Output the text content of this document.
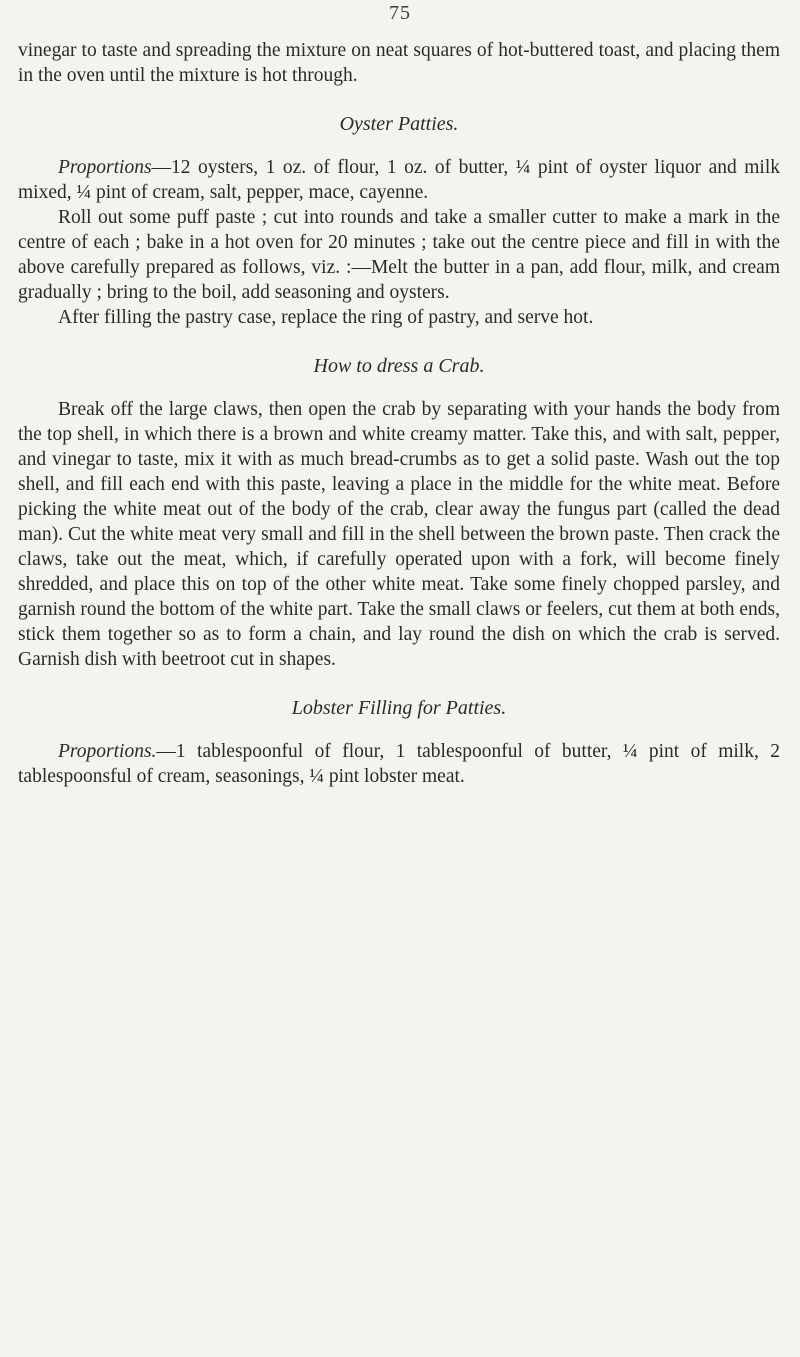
75

vinegar to taste and spreading the mixture on neat squares of hot-buttered toast, and placing them in the oven until the mixture is hot through.

Oyster Patties.

Proportions—12 oysters, 1 oz. of flour, 1 oz. of butter, ¼ pint of oyster liquor and milk mixed, ¼ pint of cream, salt, pepper, mace, cayenne.

Roll out some puff paste ; cut into rounds and take a smaller cutter to make a mark in the centre of each ; bake in a hot oven for 20 minutes ; take out the centre piece and fill in with the above carefully prepared as follows, viz. :—Melt the butter in a pan, add flour, milk, and cream gradually ; bring to the boil, add seasoning and oysters.

After filling the pastry case, replace the ring of pastry, and serve hot.

How to dress a Crab.

Break off the large claws, then open the crab by separating with your hands the body from the top shell, in which there is a brown and white creamy matter. Take this, and with salt, pepper, and vinegar to taste, mix it with as much bread-crumbs as to get a solid paste. Wash out the top shell, and fill each end with this paste, leaving a place in the middle for the white meat. Before picking the white meat out of the body of the crab, clear away the fungus part (called the dead man). Cut the white meat very small and fill in the shell between the brown paste. Then crack the claws, take out the meat, which, if carefully operated upon with a fork, will become finely shredded, and place this on top of the other white meat. Take some finely chopped parsley, and garnish round the bottom of the white part. Take the small claws or feelers, cut them at both ends, stick them together so as to form a chain, and lay round the dish on which the crab is served. Garnish dish with beetroot cut in shapes.

Lobster Filling for Patties.

Proportions.—1 tablespoonful of flour, 1 tablespoonful of butter, ¼ pint of milk, 2 tablespoonsful of cream, seasonings, ¼ pint lobster meat.
